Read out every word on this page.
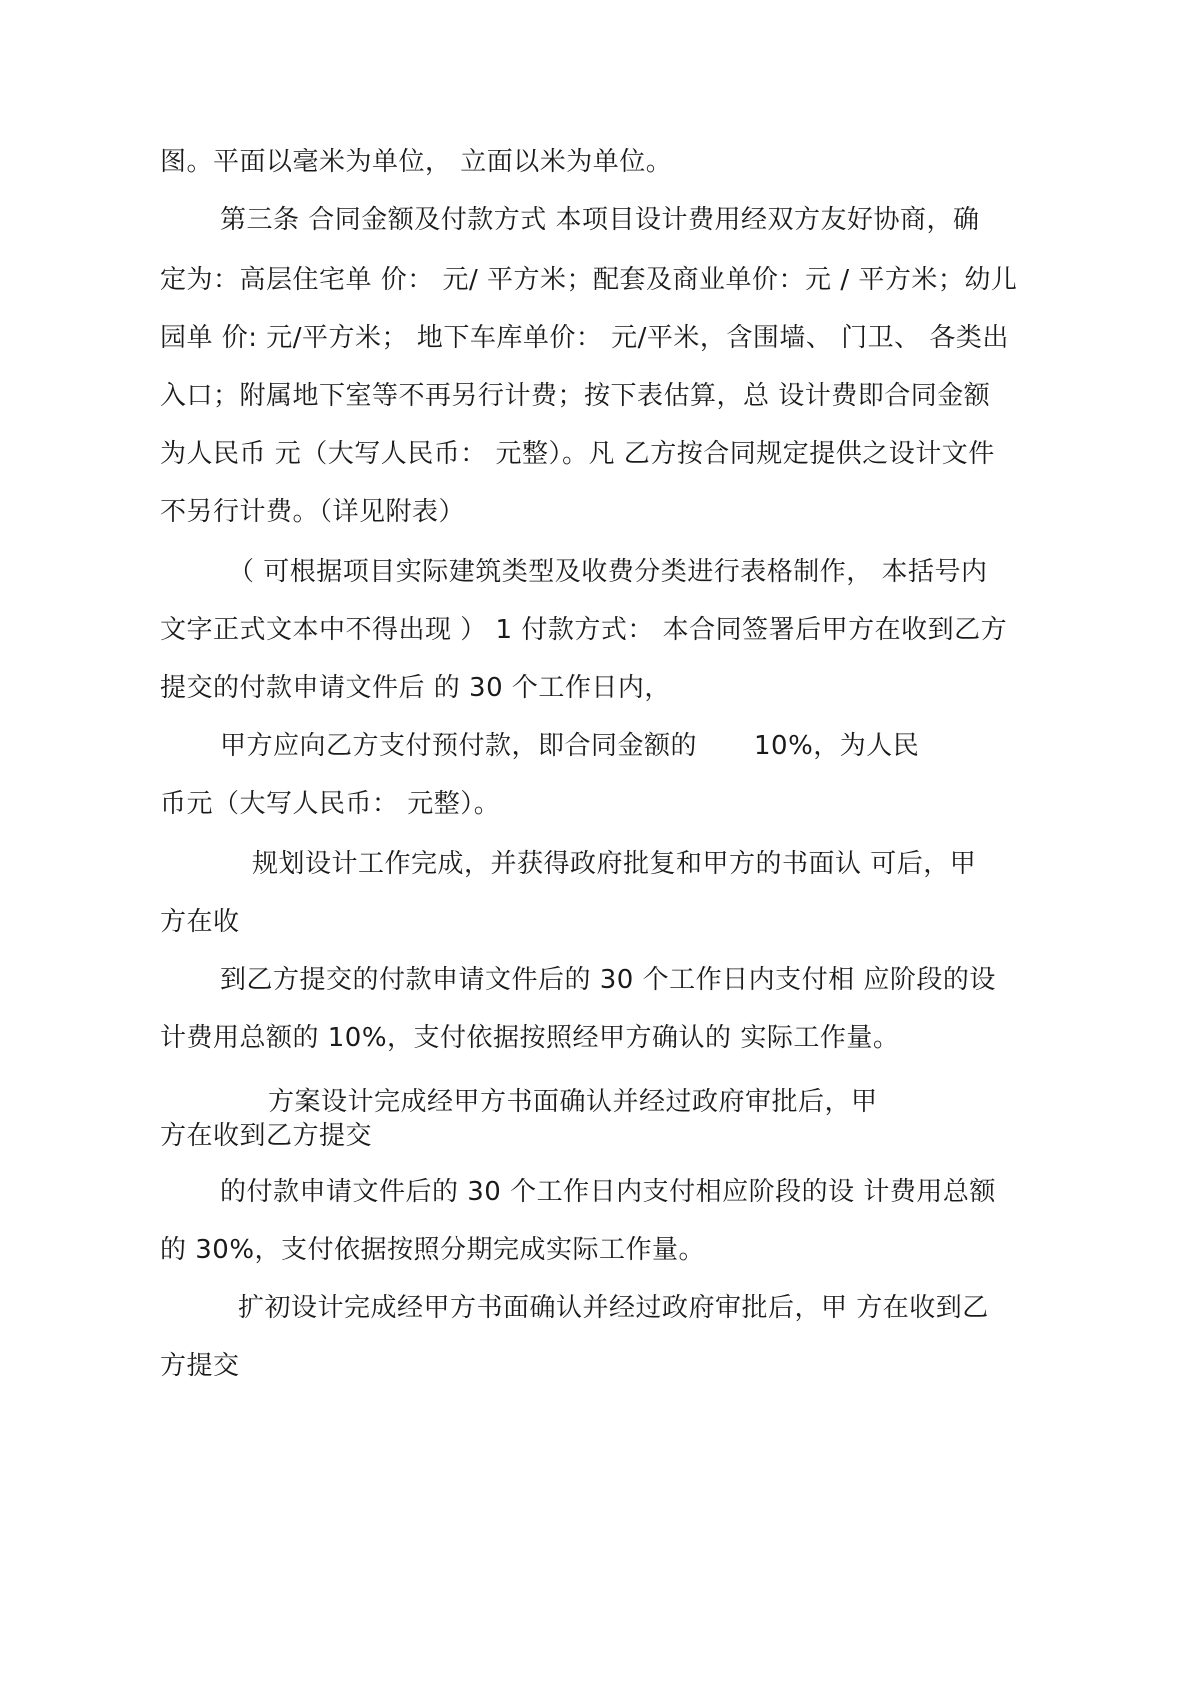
图。平面以毫米为单位， 立面以米为单位。
第三条 合同金额及付款方式 本项目设计费用经双方友好协商，确
定为：高层住宅单 价： 元/ 平方米；配套及商业单价：元 / 平方米；幼儿
园单 价: 元/平方米； 地下车库单价： 元/平米，含围墙、 门卫、 各类出
入口；附属地下室等不再另行计费；按下表估算，总 设计费即合同金额
为人民币 元（大写人民币： 元整）。凡 乙方按合同规定提供之设计文件
不另行计费。（详见附表）
（ 可根据项目实际建筑类型及收费分类进行表格制作， 本括号内
文字正式文本中不得出现 ） 1 付款方式： 本合同签署后甲方在收到乙方
提交的付款申请文件后 的 30 个工作日内，
甲方应向乙方支付预付款，即合同金额的 10%，为人民
币元（大写人民币： 元整）。
规划设计工作完成，并获得政府批复和甲方的书面认 可后，甲
方在收
到乙方提交的付款申请文件后的 30 个工作日内支付相 应阶段的设
计费用总额的 10%，支付依据按照经甲方确认的 实际工作量。
方案设计完成经甲方书面确认并经过政府审批后，甲
方在收到乙方提交
的付款申请文件后的 30 个工作日内支付相应阶段的设 计费用总额
的 30%，支付依据按照分期完成实际工作量。
扩初设计完成经甲方书面确认并经过政府审批后，甲 方在收到乙
方提交
